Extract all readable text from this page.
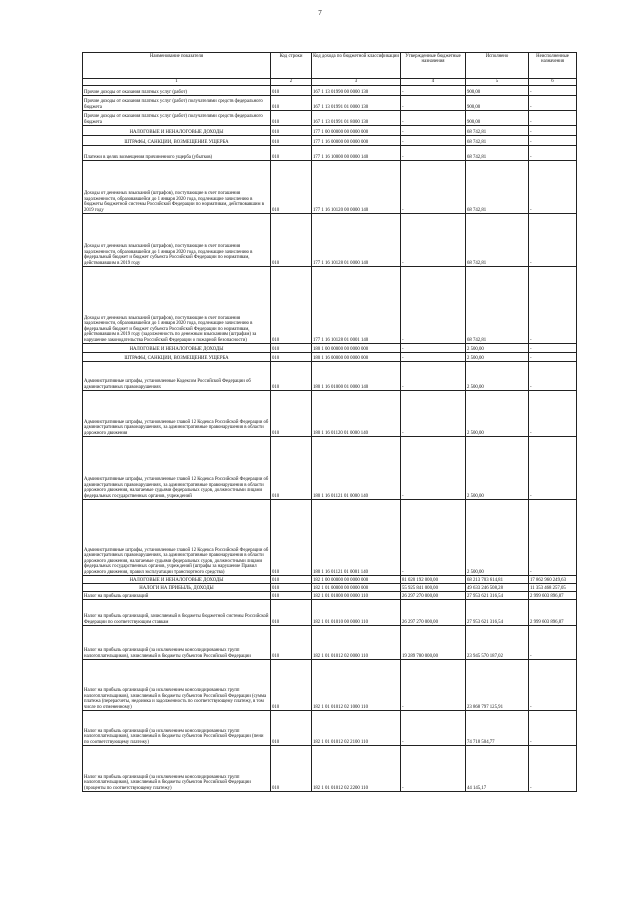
7
Наименование показателя	Код строки	Код дохода по бюджетной классификации	Утвержденные бюджетные назначения	Исполнено	Неисполненные назначения
1	2	3	4	5	6
Прочие доходы от оказания платных услуг (работ)	010	167 1 13 01990 00 0000 130	-	900,00	-
Прочие доходы от оказания платных услуг (работ) получателями средств федерального бюджета	010	167 1 13 01991 01 0000 130	-	900,00	-
Прочие доходы от оказания платных услуг (работ) получателями средств федерального бюджета	010	167 1 13 01991 01 8000 130	-	900,00	-
НАЛОГОВЫЕ И НЕНАЛОГОВЫЕ ДОХОДЫ	010	177 1 00 00000 00 0000 000	-	68 742,81	-
ШТРАФЫ, САНКЦИИ, ВОЗМЕЩЕНИЕ УЩЕРБА	010	177 1 16 00000 00 0000 000	-	68 742,81	-
Платежи в целях возмещения причиненного ущерба (убытков)	010	177 1 16 10000 00 0000 140	-	68 742,81	-
Доходы от денежных взысканий (штрафов), поступающие в счет погашения задолженности, образовавшейся до 1 января 2020 года, подлежащие зачислению в бюджеты бюджетной системы Российской Федерации по нормативам, действовавшим в 2019 году	010	177 1 16 10120 00 0000 140	-	68 742,81	-
Доходы от денежных взысканий (штрафов), поступающие в счет погашения задолженности, образовавшейся до 1 января 2020 года, подлежащие зачислению в федеральный бюджет и бюджет субъекта Российской Федерации по нормативам, действовавшим в 2019 году	010	177 1 16 10128 01 0000 140	-	68 742,81	-
Доходы от денежных взысканий (штрафов), поступающие в счет погашения задолженности, образовавшейся до 1 января 2020 года, подлежащие зачислению в федеральный бюджет и бюджет субъекта Российской Федерации по нормативам, действовавшим в 2019 году (задолженность по денежным взысканиям (штрафам) за нарушение законодательства Российской Федерации о пожарной безопасности)	010	177 1 16 10128 01 0001 140	-	68 742,81	-
НАЛОГОВЫЕ И НЕНАЛОГОВЫЕ ДОХОДЫ	010	180 1 00 00000 00 0000 000	-	2 500,00	-
ШТРАФЫ, САНКЦИИ, ВОЗМЕЩЕНИЕ УЩЕРБА	010	180 1 16 00000 00 0000 000	-	2 500,00	-
Административные штрафы, установленные Кодексом Российской Федерации об административных правонарушениях	010	180 1 16 01000 01 0000 140	-	2 500,00	-
Административные штрафы, установленные главой 12 Кодекса Российской Федерации об административных правонарушениях, за административные правонарушения в области дорожного движения	010	180 1 16 01120 01 0000 140	-	2 500,00	-
Административные штрафы, установленные главой 12 Кодекса Российской Федерации об административных правонарушениях, за административные правонарушения в области дорожного движения, налагаемые судьями федеральных судов, должностными лицами федеральных государственных органов, учреждений	010	180 1 16 01121 01 0000 140	-	2 500,00	-
Административные штрафы, установленные главой 12 Кодекса Российской Федерации об административных правонарушениях, за административные правонарушения в области дорожного движения, налагаемые судьями федеральных судов, должностными лицами федеральных государственных органов, учреждений (штрафы за нарушение Правил дорожного движения, правил эксплуатации транспортного средства)	010	180 1 16 01121 01 0001 140	-	2 500,00	-
НАЛОГОВЫЕ И НЕНАЛОГОВЫЕ ДОХОДЫ	010	182 1 00 00000 00 0000 000	81 020 192 000,00	68 213 703 614,81	17 862 960 249,63
НАЛОГИ НА ПРИБЫЛЬ, ДОХОДЫ	010	182 1 01 00000 00 0000 000	55 925 841 000,00	49 633 246 508,28	11 353 468 257,05
Налог на прибыль организаций	010	182 1 01 01000 00 0000 110	26 297 270 000,00	27 953 621 316,54	2 999 603 896,87
Налог на прибыль организаций, зачисляемый в бюджеты бюджетной системы Российской Федерации по соответствующим ставкам	010	182 1 01 01010 00 0000 110	26 297 270 000,00	27 953 621 316,54	2 999 603 896,87
Налог на прибыль организаций (за исключением консолидированных групп налогоплательщиков), зачисляемый в бюджеты субъектов Российской Федерации	010	182 1 01 01012 02 0000 110	19 289 780 000,00	23 945 570 187,02	-
Налог на прибыль организаций (за исключением консолидированных групп налогоплательщиков), зачисляемый в бюджеты субъектов Российской Федерации (сумма платежа (перерасчеты, недоимка и задолженность по соответствующему платежу, в том числе по отмененному)	010	182 1 01 01012 02 1000 110	-	23 868 797 125,91	-
Налог на прибыль организаций (за исключением консолидированных групп налогоплательщиков), зачисляемый в бюджеты субъектов Российской Федерации (пени по соответствующему платежу)	010	182 1 01 01012 02 2100 110	-	74 718 504,77	-
Налог на прибыль организаций (за исключением консолидированных групп налогоплательщиков), зачисляемый в бюджеты субъектов Российской Федерации (проценты по соответствующему платежу)	010	182 1 01 01012 02 2200 110	-	44 145,17	-
